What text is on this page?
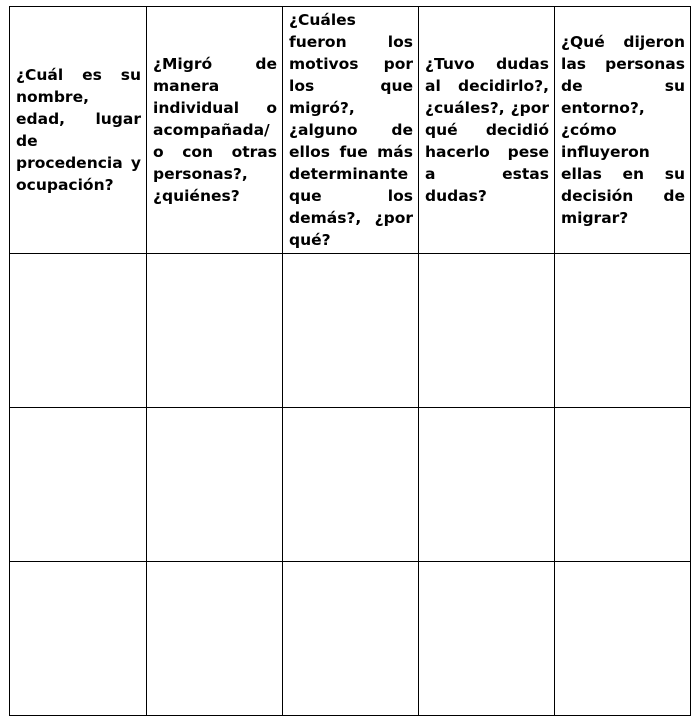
¿Cuál es su nombre, edad, lugar de procedencia y ocupación?	¿Migró de manera individual o acompañada/ o con otras personas?, ¿quiénes?	¿Cuáles fueron los motivos por los que migró?, ¿alguno de ellos fue más determinante que los demás?, ¿por qué?	¿Tuvo dudas al decidirlo?, ¿cuáles?, ¿por qué decidió hacerlo pese a estas dudas?	¿Qué dijeron las personas de su entorno?, ¿cómo influyeron ellas en su decisión de migrar?
